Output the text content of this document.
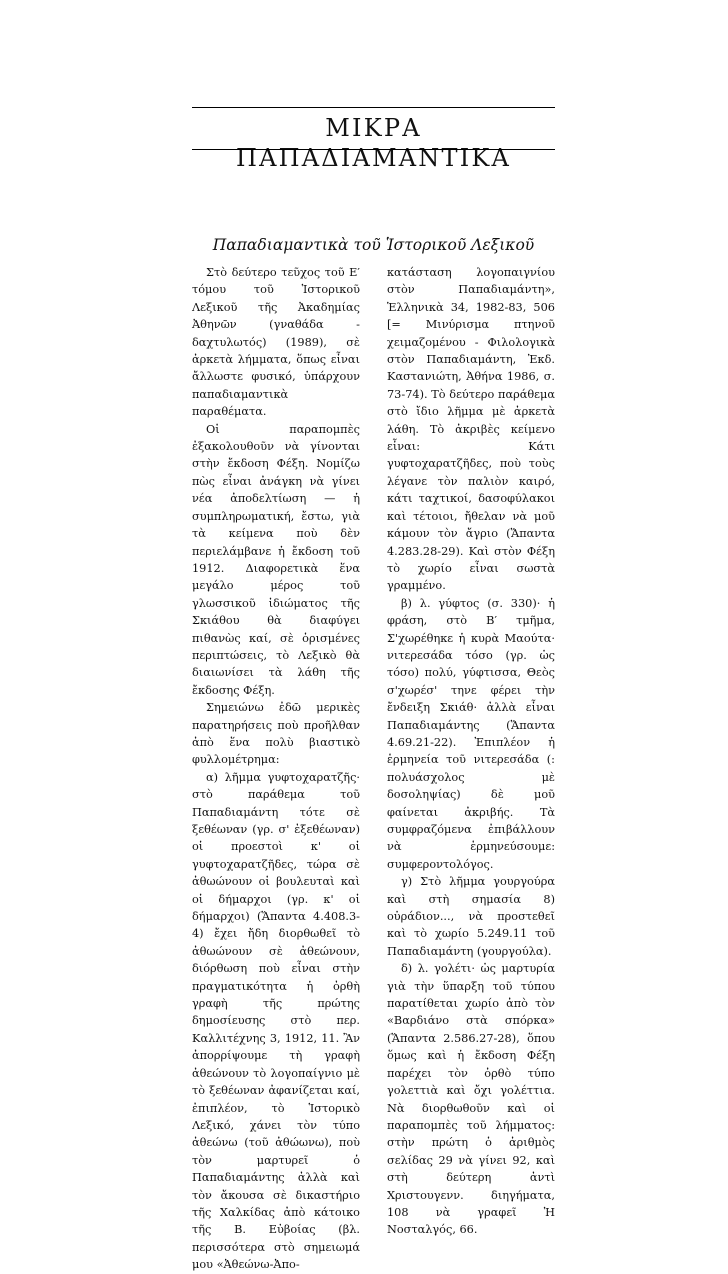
ΜΙΚΡΑ ΠΑΠΑΔΙΑΜΑΝΤΙΚΑ
Παπαδιαμαντικὰ τοῦ Ἱστορικοῦ Λεξικοῦ

Στὸ δεύτερο τεῦχος τοῦ Ε′ τόμου τοῦ Ἱστορικοῦ Λεξικοῦ τῆς Ἀκαδημίας Ἀθηνῶν (γναθάδα - δαχτυλωτός) (1989), σὲ ἀρκετὰ λήμματα, ὅπως εἶναι ἄλλωστε φυσικό, ὑπάρχουν παπαδιαμαντικὰ παραθέματα.

Οἱ παραπομπὲς ἐξακολουθοῦν νὰ γίνονται στὴν ἔκδοση Φέξη. Νομίζω πὼς εἶναι ἀνάγκη νὰ γίνει νέα ἀποδελτίωση — ἡ συμπληρωματική, ἔστω, γιὰ τὰ κείμενα ποὺ δὲν περιελάμβανε ἡ ἔκδοση τοῦ 1912. Διαφορετικὰ ἕνα μεγάλο μέρος τοῦ γλωσσικοῦ ἰδιώματος τῆς Σκιάθου θὰ διαφύγει πιθανὼς καί, σὲ ὁρισμένες περιπτώσεις, τὸ Λεξικὸ θὰ διαιωνίσει τὰ λάθη τῆς ἔκδοσης Φέξη.

Σημειώνω ἐδῶ μερικὲς παρατηρήσεις ποὺ προῆλθαν ἀπὸ ἕνα πολὺ βιαστικὸ φυλλομέτρημα:

α) λῆμμα γυφτοχαρατζῆς· στὸ παράθεμα τοῦ Παπαδιαμάντη τότε σὲ ξεθέωναν (γρ. σ' ἐξεθέωναν) οἱ προεστοὶ κ' οἱ γυφτοχαρατζῆδες, τώρα σὲ ἀθωώνουν οἱ βουλευταὶ καὶ οἱ δήμαρχοι (γρ. κ' οἱ δήμαρχοι) (Ἅπαντα 4.408.3-4) ἔχει ἤδη διορθωθεῖ τὸ ἀθωώνουν σὲ ἀθεώνουν, διόρθωση ποὺ εἶναι στὴν πραγματικότητα ἡ ὀρθὴ γραφὴ τῆς πρώτης δημοσίευσης στὸ περ. Καλλιτέχνης 3, 1912, 11. Ἂν ἀπορρίψουμε τὴ γραφὴ ἀθεώνουν τὸ λογοπαίγνιο μὲ τὸ ξεθέωναν ἀφανίζεται καί, ἐπιπλέον, τὸ Ἱστορικὸ Λεξικό, χάνει τὸν τύπο ἀθεώνω (τοῦ ἀθώωνω), ποὺ τὸν μαρτυρεῖ ὁ Παπαδιαμάντης ἀλλὰ καὶ τὸν ἄκουσα σὲ δικαστήριο τῆς Χαλκίδας ἀπὸ κάτοικο τῆς Β. Εὐβοίας (βλ. περισσότερα στὸ σημειωμά μου «Ἀθεώνω-Ἀπο-

κατάσταση λογοπαιγνίου στὸν Παπαδιαμάντη», Ἑλληνικὰ 34, 1982-83, 506 [= Μινύρισμα πτηνοῦ χειμαζομένου - Φιλολογικὰ στὸν Παπαδιαμάντη, Ἐκδ. Καστανιώτη, Ἀθήνα 1986, σ. 73-74). Τὸ δεύτερο παράθεμα στὸ ἴδιο λῆμμα μὲ ἀρκετὰ λάθη. Τὸ ἀκριβὲς κείμενο εἶναι: Κάτι γυφτοχαρατζῆδες, ποὺ τοὺς λέγανε τὸν παλιὸν καιρό, κάτι ταχτικοί, δασοφύλακοι καὶ τέτοιοι, ἤθελαν νὰ μοῦ κάμουν τὸν ἄγριο (Ἅπαντα 4.283.28-29). Καὶ στὸν Φέξη τὸ χωρίο εἶναι σωστὰ γραμμένο.

β) λ. γύφτος (σ. 330)· ἡ φράση, στὸ Β′ τμῆμα, Σ'χωρέθηκε ἡ κυρὰ Μαούτα· νιτερεσάδα τόσο (γρ. ὡς τόσο) πολύ, γύφτισσα, Θεὸς σ'χωρέσ' τηνε φέρει τὴν ἔνδειξη Σκιάθ· ἀλλὰ εἶναι Παπαδιαμάντης (Ἅπαντα 4.69.21-22). Ἐπιπλέον ἡ ἑρμηνεία τοῦ νιτερεσάδα (: πολυάσχολος μὲ δοσοληψίας) δὲ μοῦ φαίνεται ἀκριβής. Τὰ συμφραζόμενα ἐπιβάλλουν νὰ ἑρμηνεύσουμε: συμφεροντολόγος.

γ) Στὸ λῆμμα γουργούρα καὶ στὴ σημασία 8) οὐράδιον..., νὰ προστεθεῖ καὶ τὸ χωρίο 5.249.11 τοῦ Παπαδιαμάντη (γουργούλα).

δ) λ. γολέτι· ὡς μαρτυρία γιὰ τὴν ὕπαρξη τοῦ τύπου παρατίθεται χωρίο ἀπὸ τὸν «Βαρδιάνο στὰ σπόρκα» (Ἅπαντα 2.586.27-28), ὅπου ὅμως καὶ ἡ ἔκδοση Φέξη παρέχει τὸν ὀρθὸ τύπο γολεττιὰ καὶ ὄχι γολέττια. Νὰ διορθωθοῦν καὶ οἱ παραπομπὲς τοῦ λήμματος: στὴν πρώτη ὁ ἀριθμὸς σελίδας 29 νὰ γίνει 92, καὶ στὴ δεύτερη ἀντὶ Χριστουγενν. διηγήματα, 108 νὰ γραφεῖ Ἡ Νοσταλγός, 66.
